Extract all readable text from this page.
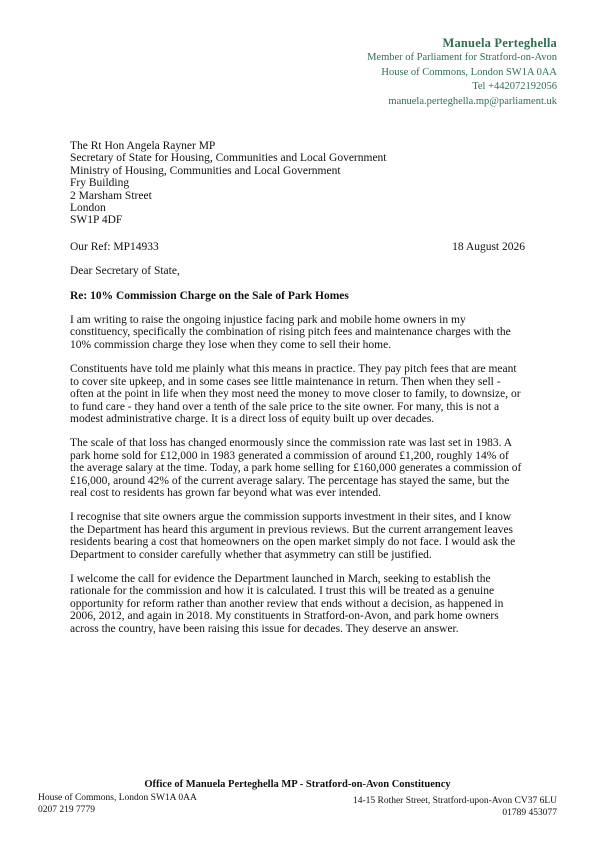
Manuela Perteghella
Member of Parliament for Stratford-on-Avon
House of Commons, London SW1A 0AA
Tel +442072192056
manuela.perteghella.mp@parliament.uk
The Rt Hon Angela Rayner MP
Secretary of State for Housing, Communities and Local Government
Ministry of Housing, Communities and Local Government
Fry Building
2 Marsham Street
London
SW1P 4DF
Our Ref: MP14933	18 August 2026
Dear Secretary of State,
Re: 10% Commission Charge on the Sale of Park Homes
I am writing to raise the ongoing injustice facing park and mobile home owners in my constituency, specifically the combination of rising pitch fees and maintenance charges with the 10% commission charge they lose when they come to sell their home.
Constituents have told me plainly what this means in practice. They pay pitch fees that are meant to cover site upkeep, and in some cases see little maintenance in return. Then when they sell - often at the point in life when they most need the money to move closer to family, to downsize, or to fund care - they hand over a tenth of the sale price to the site owner. For many, this is not a modest administrative charge. It is a direct loss of equity built up over decades.
The scale of that loss has changed enormously since the commission rate was last set in 1983. A park home sold for £12,000 in 1983 generated a commission of around £1,200, roughly 14% of the average salary at the time. Today, a park home selling for £160,000 generates a commission of £16,000, around 42% of the current average salary. The percentage has stayed the same, but the real cost to residents has grown far beyond what was ever intended.
I recognise that site owners argue the commission supports investment in their sites, and I know the Department has heard this argument in previous reviews. But the current arrangement leaves residents bearing a cost that homeowners on the open market simply do not face. I would ask the Department to consider carefully whether that asymmetry can still be justified.
I welcome the call for evidence the Department launched in March, seeking to establish the rationale for the commission and how it is calculated. I trust this will be treated as a genuine opportunity for reform rather than another review that ends without a decision, as happened in 2006, 2012, and again in 2018. My constituents in Stratford-on-Avon, and park home owners across the country, have been raising this issue for decades. They deserve an answer.
Office of Manuela Perteghella MP - Stratford-on-Avon Constituency
House of Commons, London SW1A 0AA
0207 219 7779
14-15 Rother Street, Stratford-upon-Avon CV37 6LU
01789 453077
